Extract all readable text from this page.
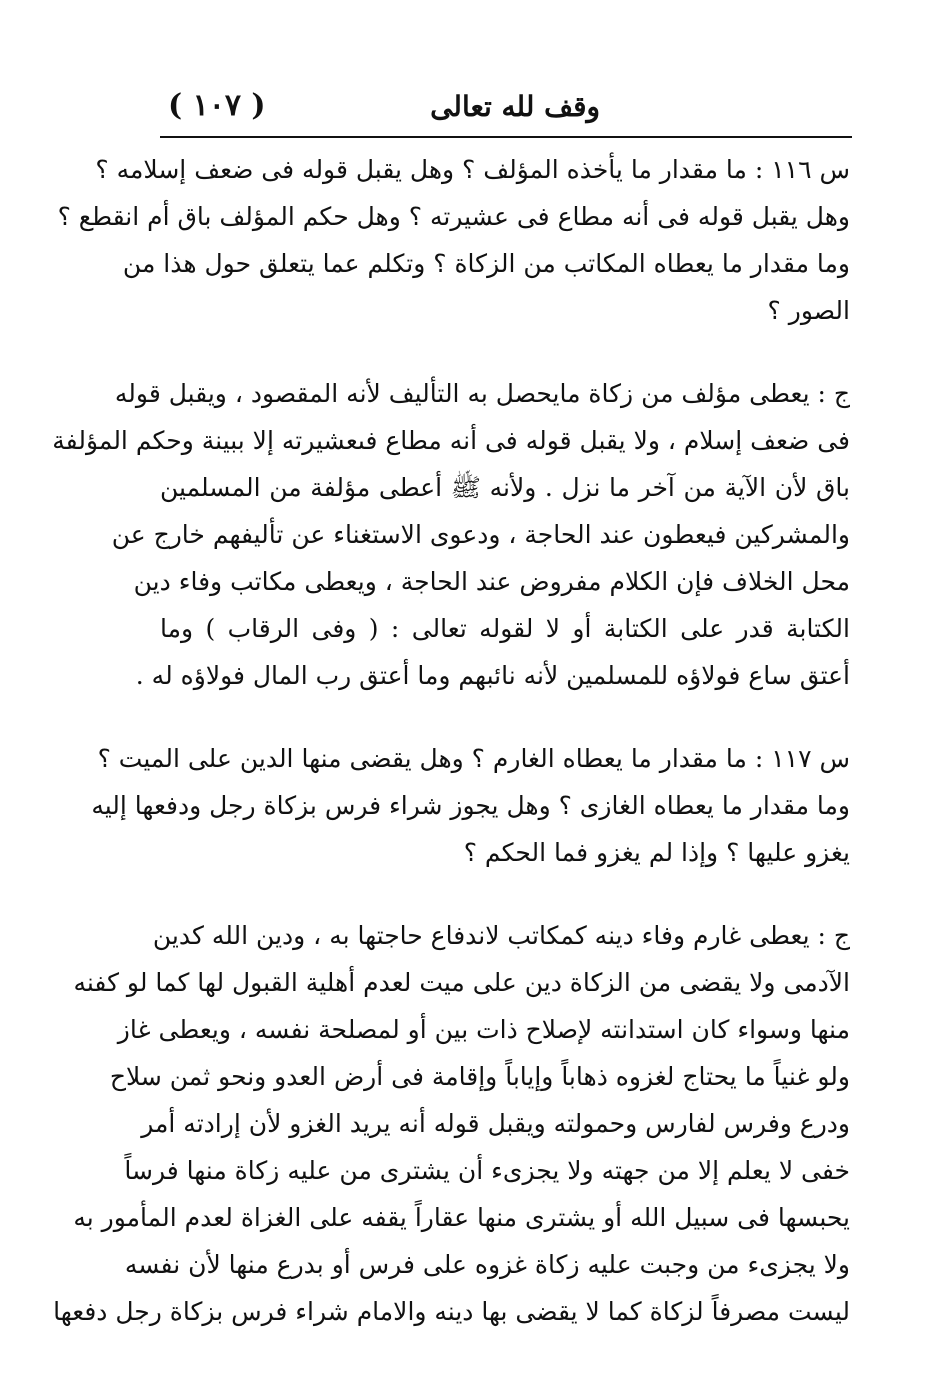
( ١٠٧ )	وقف لله تعالى
س ١١٦ : ما مقدار ما يأخذه المؤلف ؟ وهل يقبل قوله فى ضعف إسلامه ؟
وهل يقبل قوله فى أنه مطاع فى عشيرته ؟ وهل حكم المؤلف باق أم انقطع ؟
وما مقدار ما يعطاه المكاتب من الزكاة ؟ وتكلم عما يتعلق حول هذا من
الصور ؟
ج : يعطى مؤلف من زكاة مايحصل به التأليف لأنه المقصود ، ويقبل قوله
فى ضعف إسلام ، ولا يقبل قوله فى أنه مطاع فىعشيرته إلا ببينة وحكم المؤلفة
باق لأن الآية من آخر ما نزل . ولأنه ﷺ أعطى مؤلفة من المسلمين
والمشركين فيعطون عند الحاجة ، ودعوى الاستغناء عن تأليفهم خارج عن
محل الخلاف فإن الكلام مفروض عند الحاجة ، ويعطى مكاتب وفاء دين
الكتابة قدر على الكتابة أو لا لقوله تعالى : ( وفى الرقاب ) وما
أعتق ساع فولاؤه للمسلمين لأنه نائبهم وما أعتق رب المال فولاؤه له .
س ١١٧ : ما مقدار ما يعطاه الغارم ؟ وهل يقضى منها الدين على الميت ؟
وما مقدار ما يعطاه الغازى ؟ وهل يجوز شراء فرس بزكاة رجل ودفعها إليه
يغزو عليها ؟ وإذا لم يغزو فما الحكم ؟
ج : يعطى غارم وفاء دينه كمكاتب لاندفاع حاجتها به ، ودين الله كدين
الآدمى ولا يقضى من الزكاة دين على ميت لعدم أهلية القبول لها كما لو كفنه
منها وسواء كان استدانته لإصلاح ذات بين أو لمصلحة نفسه ، ويعطى غاز
ولو غنياً ما يحتاج لغزوه ذهاباً وإياباً وإقامة فى أرض العدو ونحو ثمن سلاح
ودرع وفرس لفارس وحمولته ويقبل قوله أنه يريد الغزو لأن إرادته أمر
خفى لا يعلم إلا من جهته ولا يجزىء أن يشترى من عليه زكاة منها فرساً
يحبسها فى سبيل الله أو يشترى منها عقاراً يقفه على الغزاة لعدم المأمور به
ولا يجزىء من وجبت عليه زكاة غزوه على فرس أو بدرع منها لأن نفسه
ليست مصرفاً لزكاة كما لا يقضى بها دينه والامام شراء فرس بزكاة رجل دفعها
